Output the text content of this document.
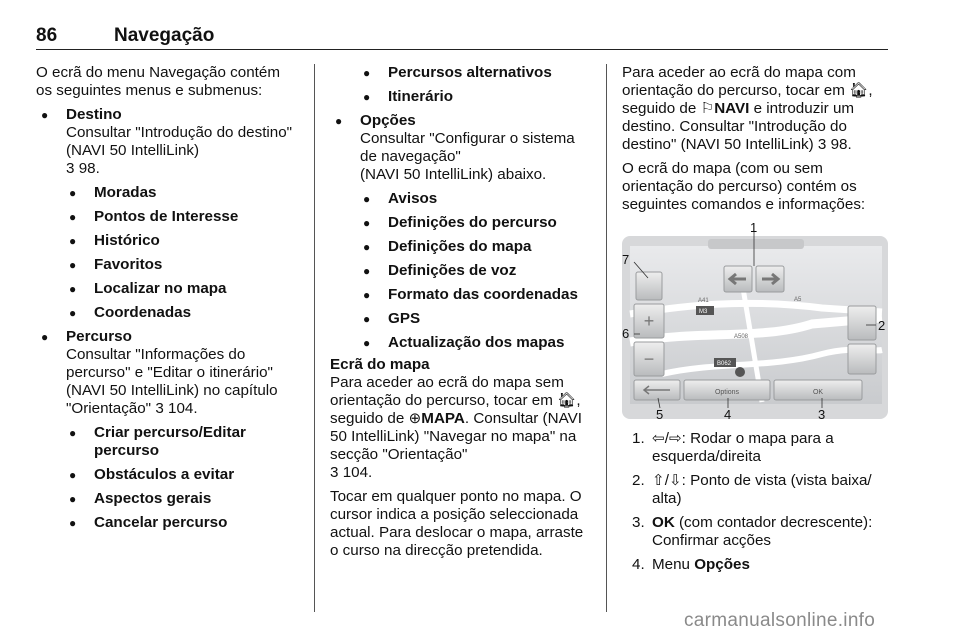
86	Navegação

O ecrã do menu Navegação contém os seguintes menus e submenus:

● Destino
Consultar "Introdução do destino" (NAVI 50 IntelliLink)
3 98.
● Moradas
● Pontos de Interesse
● Histórico
● Favoritos
● Localizar no mapa
● Coordenadas
● Percurso
Consultar "Informações do percurso" e "Editar o itinerário" (NAVI 50 IntelliLink) no capítulo "Orientação" 3 104.
● Criar percurso/Editar percurso
● Obstáculos a evitar
● Aspectos gerais
● Cancelar percurso
● Percursos alternativos
● Itinerário
● Opções
Consultar "Configurar o sistema de navegação"
(NAVI 50 IntelliLink) abaixo.
● Avisos
● Definições do percurso
● Definições do mapa
● Definições de voz
● Formato das coordenadas
● GPS
● Actualização dos mapas
Ecrã do mapa

Para aceder ao ecrã do mapa sem orientação do percurso, tocar em 🏠︎, seguido de ⊕MAPA. Consultar (NAVI 50 IntelliLink) "Navegar no mapa" na secção "Orientação"
3 104.

Tocar em qualquer ponto no mapa. O cursor indica a posição seleccionada actual. Para deslocar o mapa, arraste o curso na direcção pretendida.

Para aceder ao ecrã do mapa com orientação do percurso, tocar em 🏠︎, seguido de ⚐NAVI e introduzir um destino. Consultar "Introdução do destino" (NAVI 50 IntelliLink) 3 98.

O ecrã do mapa (com ou sem orientação do percurso) contém os seguintes comandos e informações:

+
−
Options	OK
A41	A5
M3
A508
B062
1
2
3
4
5
6
7
1. ⇦/⇨: Rodar o mapa para a esquerda/direita
2. ⇧/⇩: Ponto de vista (vista baixa/ alta)
3. OK (com contador decrescente): Confirmar acções
4. Menu Opções
carmanualsonline.info
